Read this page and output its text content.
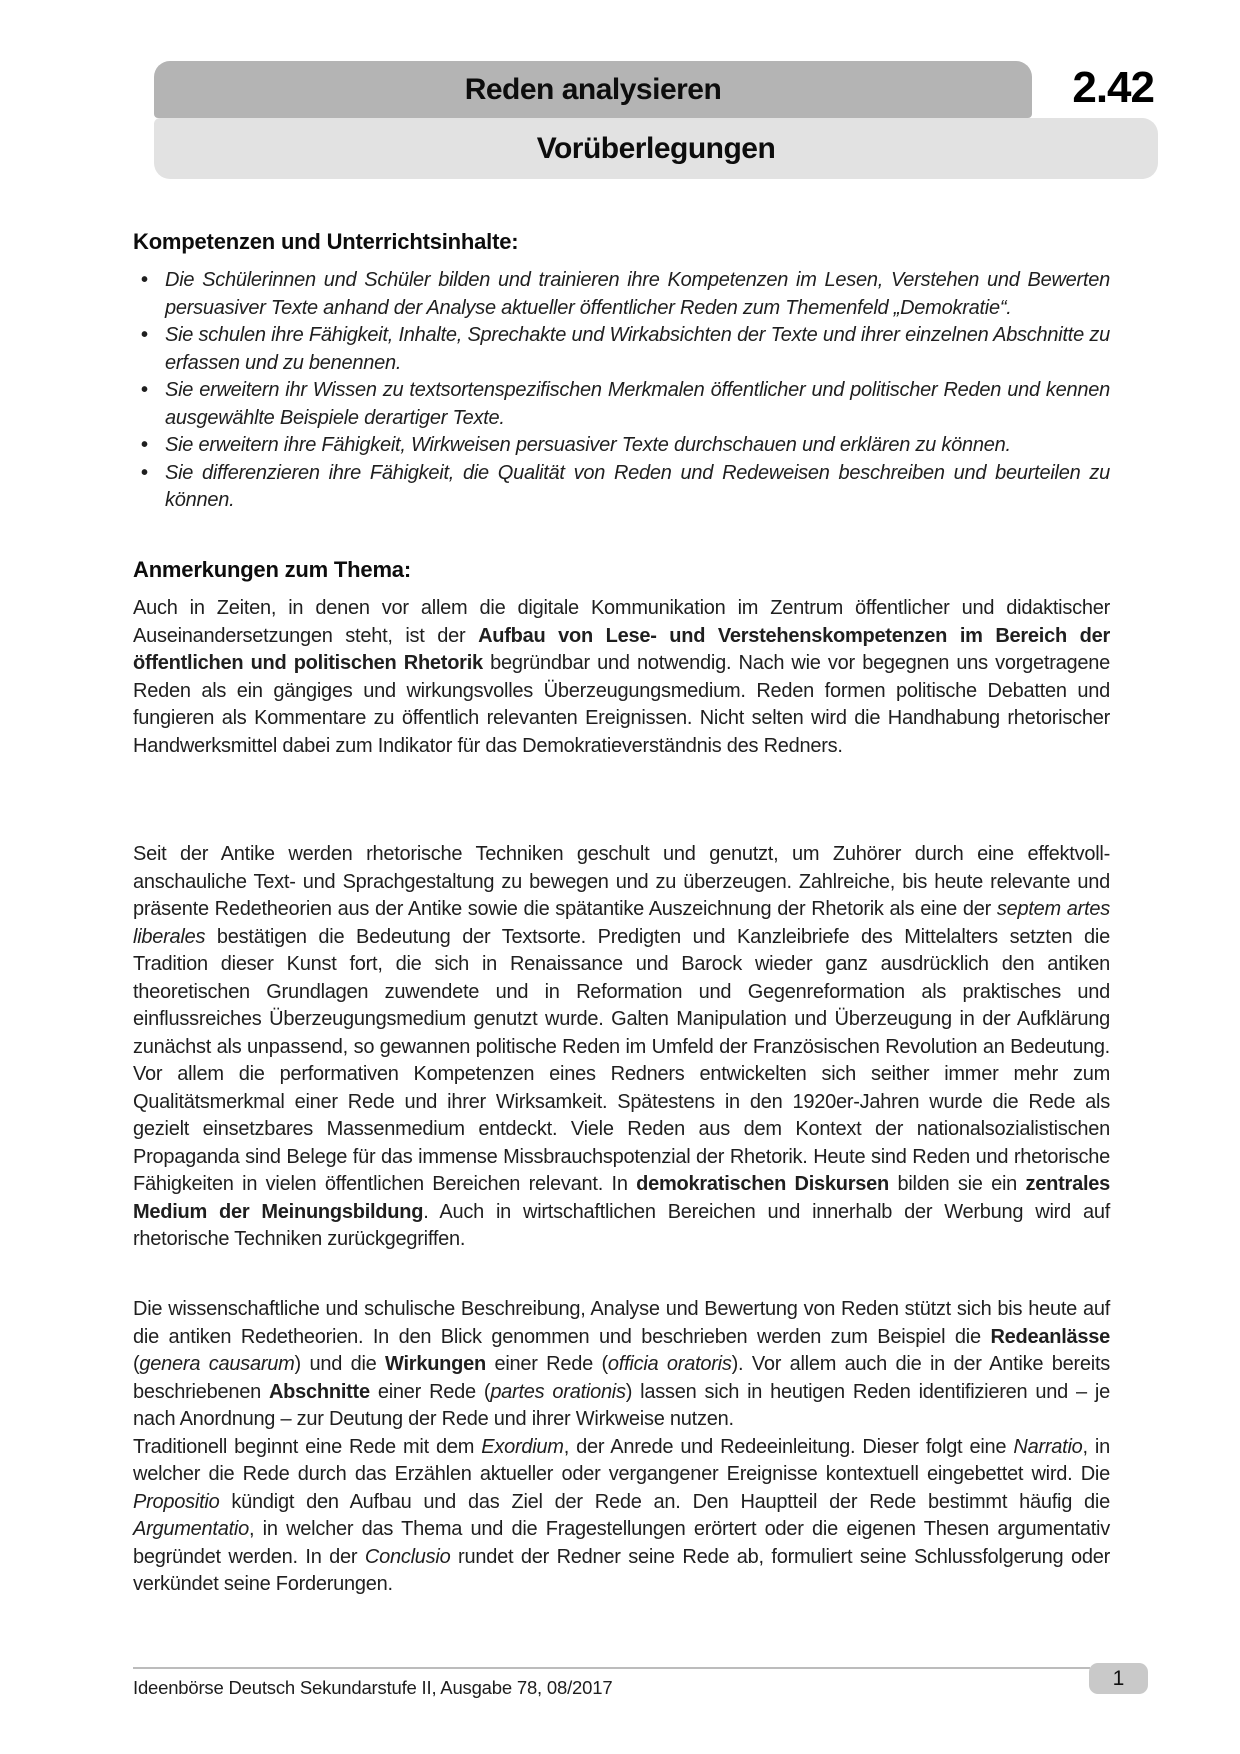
Reden analysieren	2.42
Vorüberlegungen
Kompetenzen und Unterrichtsinhalte:
• Die Schülerinnen und Schüler bilden und trainieren ihre Kompetenzen im Lesen, Verstehen und Bewerten persuasiver Texte anhand der Analyse aktueller öffentlicher Reden zum Themenfeld „Demokratie“.
• Sie schulen ihre Fähigkeit, Inhalte, Sprechakte und Wirkabsichten der Texte und ihrer einzelnen Abschnitte zu erfassen und zu benennen.
• Sie erweitern ihr Wissen zu textsortenspezifischen Merkmalen öffentlicher und politischer Reden und kennen ausgewählte Beispiele derartiger Texte.
• Sie erweitern ihre Fähigkeit, Wirkweisen persuasiver Texte durchschauen und erklären zu können.
• Sie differenzieren ihre Fähigkeit, die Qualität von Reden und Redeweisen beschreiben und beurteilen zu können.
Anmerkungen zum Thema:

Auch in Zeiten, in denen vor allem die digitale Kommunikation im Zentrum öffentlicher und didaktischer Auseinandersetzungen steht, ist der Aufbau von Lese- und Verstehenskompetenzen im Bereich der öffentlichen und politischen Rhetorik begründbar und notwendig. Nach wie vor begegnen uns vorgetragene Reden als ein gängiges und wirkungsvolles Überzeugungsmedium. Reden formen politische Debatten und fungieren als Kommentare zu öffentlich relevanten Ereignissen. Nicht selten wird die Handhabung rhetorischer Handwerksmittel dabei zum Indikator für das Demokratieverständnis des Redners.

Seit der Antike werden rhetorische Techniken geschult und genutzt, um Zuhörer durch eine effektvoll-anschauliche Text- und Sprachgestaltung zu bewegen und zu überzeugen. Zahlreiche, bis heute relevante und präsente Redetheorien aus der Antike sowie die spätantike Auszeichnung der Rhetorik als eine der septem artes liberales bestätigen die Bedeutung der Textsorte. Predigten und Kanzleibriefe des Mittelalters setzten die Tradition dieser Kunst fort, die sich in Renaissance und Barock wieder ganz ausdrücklich den antiken theoretischen Grundlagen zuwendete und in Reformation und Gegenreformation als praktisches und einflussreiches Überzeugungsmedium genutzt wurde. Galten Manipulation und Überzeugung in der Aufklärung zunächst als unpassend, so gewannen politische Reden im Umfeld der Französischen Revolution an Bedeutung. Vor allem die performativen Kompetenzen eines Redners entwickelten sich seither immer mehr zum Qualitätsmerkmal einer Rede und ihrer Wirksamkeit. Spätestens in den 1920er-Jahren wurde die Rede als gezielt einsetzbares Massenmedium entdeckt. Viele Reden aus dem Kontext der nationalsozialistischen Propaganda sind Belege für das immense Missbrauchspotenzial der Rhetorik. Heute sind Reden und rhetorische Fähigkeiten in vielen öffentlichen Bereichen relevant. In demokratischen Diskursen bilden sie ein zentrales Medium der Meinungsbildung. Auch in wirtschaftlichen Bereichen und innerhalb der Werbung wird auf rhetorische Techniken zurückgegriffen.

Die wissenschaftliche und schulische Beschreibung, Analyse und Bewertung von Reden stützt sich bis heute auf die antiken Redetheorien. In den Blick genommen und beschrieben werden zum Beispiel die Redeanlässe (genera causarum) und die Wirkungen einer Rede (officia oratoris). Vor allem auch die in der Antike bereits beschriebenen Abschnitte einer Rede (partes orationis) lassen sich in heutigen Reden identifizieren und – je nach Anordnung – zur Deutung der Rede und ihrer Wirkweise nutzen.

Traditionell beginnt eine Rede mit dem Exordium, der Anrede und Redeeinleitung. Dieser folgt eine Narratio, in welcher die Rede durch das Erzählen aktueller oder vergangener Ereignisse kontextuell eingebettet wird. Die Propositio kündigt den Aufbau und das Ziel der Rede an. Den Hauptteil der Rede bestimmt häufig die Argumentatio, in welcher das Thema und die Fragestellungen erörtert oder die eigenen Thesen argumentativ begründet werden. In der Conclusio rundet der Redner seine Rede ab, formuliert seine Schlussfolgerung oder verkündet seine Forderungen.

Ideenbörse Deutsch Sekundarstufe II, Ausgabe 78, 08/2017	1
